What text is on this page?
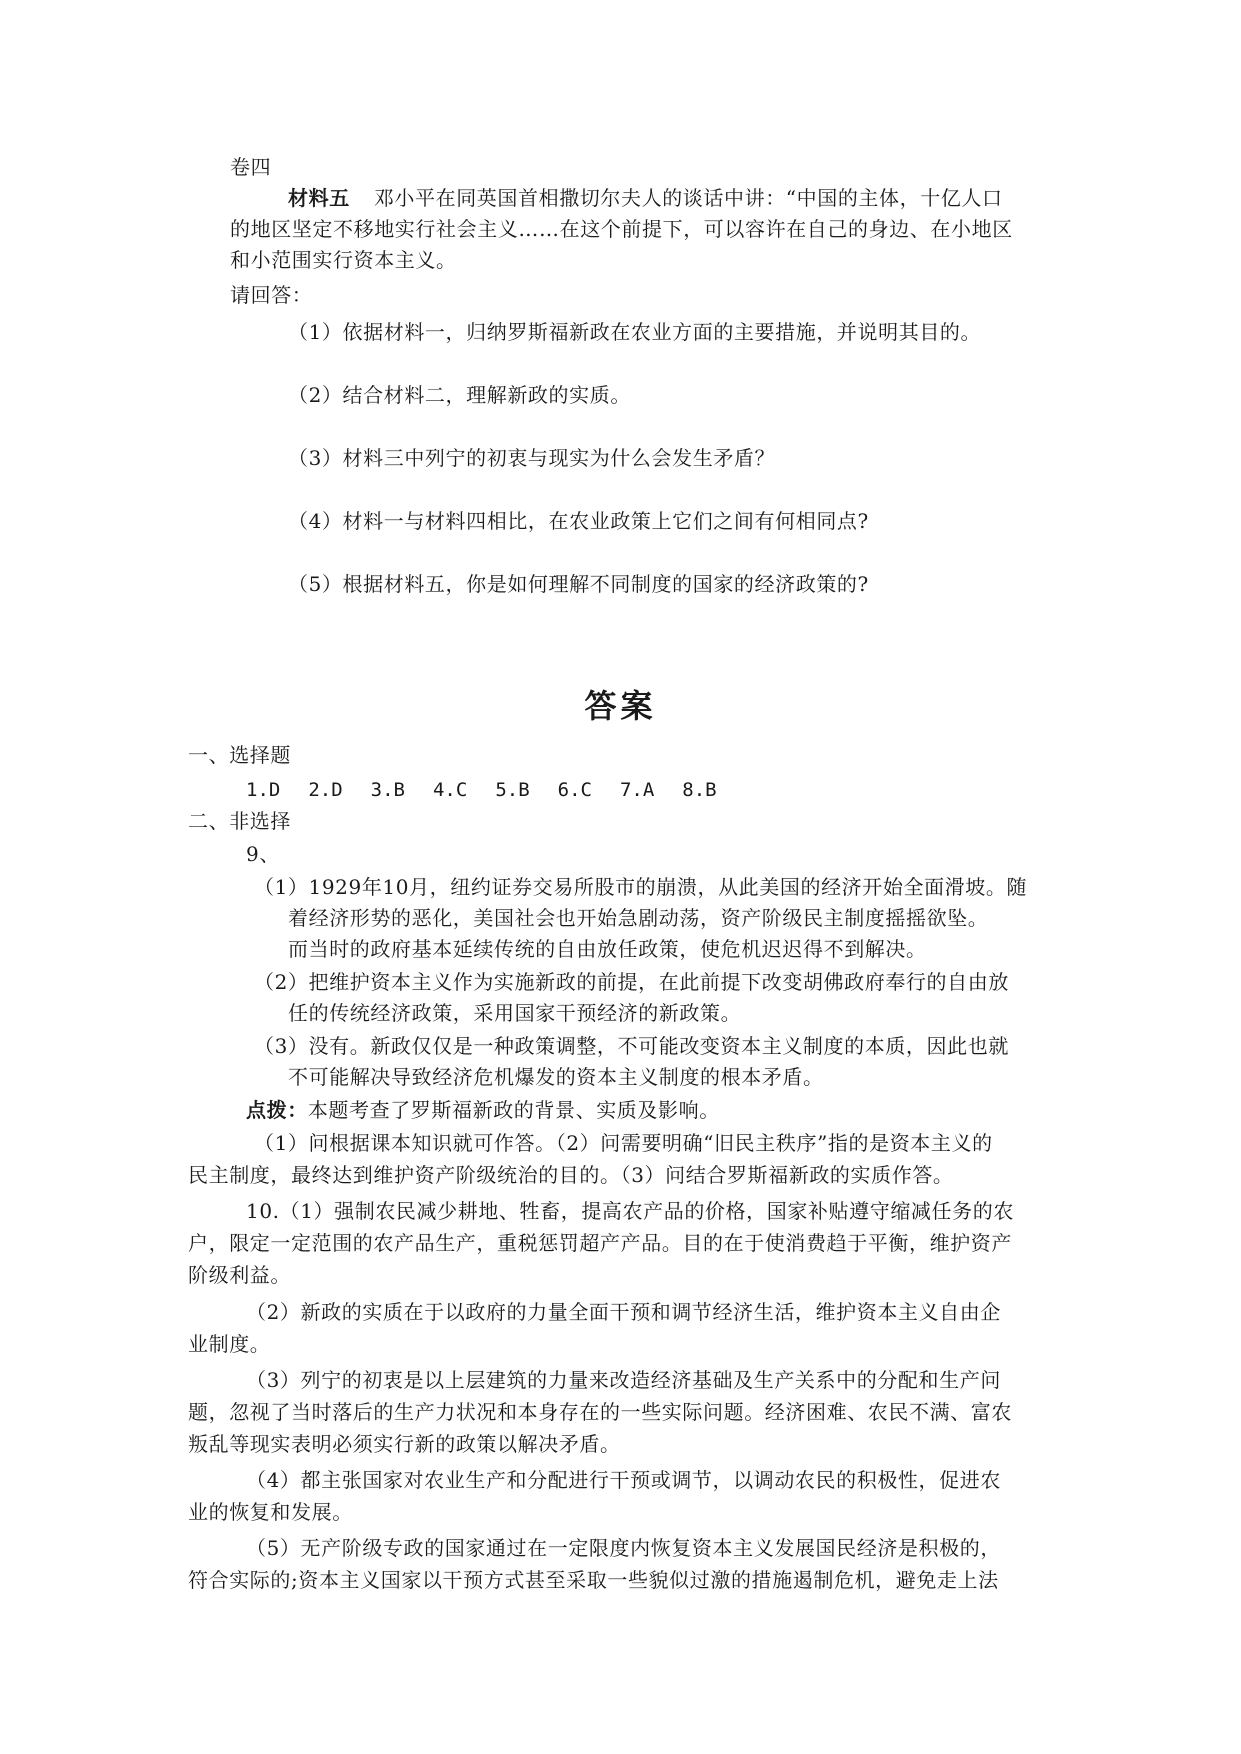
卷四
材料五 邓小平在同英国首相撒切尔夫人的谈话中讲：“中国的主体，十亿人口
的地区坚定不移地实行社会主义……在这个前提下，可以容许在自己的身边、在小地区
和小范围实行资本主义。
请回答：
（1）依据材料一，归纳罗斯福新政在农业方面的主要措施，并说明其目的。
（2）结合材料二，理解新政的实质。
（3）材料三中列宁的初衷与现实为什么会发生矛盾？
（4）材料一与材料四相比，在农业政策上它们之间有何相同点?
（5）根据材料五，你是如何理解不同制度的国家的经济政策的?
答案
一、选择题
1.D 2.D 3.B 4.C 5.B 6.C 7.A 8.B
二、非选择
9、
（1）1929年10月，纽约证券交易所股市的崩溃，从此美国的经济开始全面滑坡。随
着经济形势的恶化，美国社会也开始急剧动荡，资产阶级民主制度摇摇欲坠。
而当时的政府基本延续传统的自由放任政策，使危机迟迟得不到解决。
（2）把维护资本主义作为实施新政的前提，在此前提下改变胡佛政府奉行的自由放
任的传统经济政策，采用国家干预经济的新政策。
（3）没有。新政仅仅是一种政策调整，不可能改变资本主义制度的本质，因此也就
不可能解决导致经济危机爆发的资本主义制度的根本矛盾。
点拨：本题考查了罗斯福新政的背景、实质及影响。
（1）问根据课本知识就可作答。（2）问需要明确“旧民主秩序”指的是资本主义的
民主制度，最终达到维护资产阶级统治的目的。（3）问结合罗斯福新政的实质作答。
10.（1）强制农民减少耕地、牲畜，提高农产品的价格，国家补贴遵守缩减任务的农
户，限定一定范围的农产品生产，重税惩罚超产产品。目的在于使消费趋于平衡，维护资产
阶级利益。
（2）新政的实质在于以政府的力量全面干预和调节经济生活，维护资本主义自由企
业制度。
（3）列宁的初衷是以上层建筑的力量来改造经济基础及生产关系中的分配和生产问
题，忽视了当时落后的生产力状况和本身存在的一些实际问题。经济困难、农民不满、富农
叛乱等现实表明必须实行新的政策以解决矛盾。
（4）都主张国家对农业生产和分配进行干预或调节，以调动农民的积极性，促进农
业的恢复和发展。
（5）无产阶级专政的国家通过在一定限度内恢复资本主义发展国民经济是积极的，
符合实际的;资本主义国家以干预方式甚至采取一些貌似过激的措施遏制危机，避免走上法
